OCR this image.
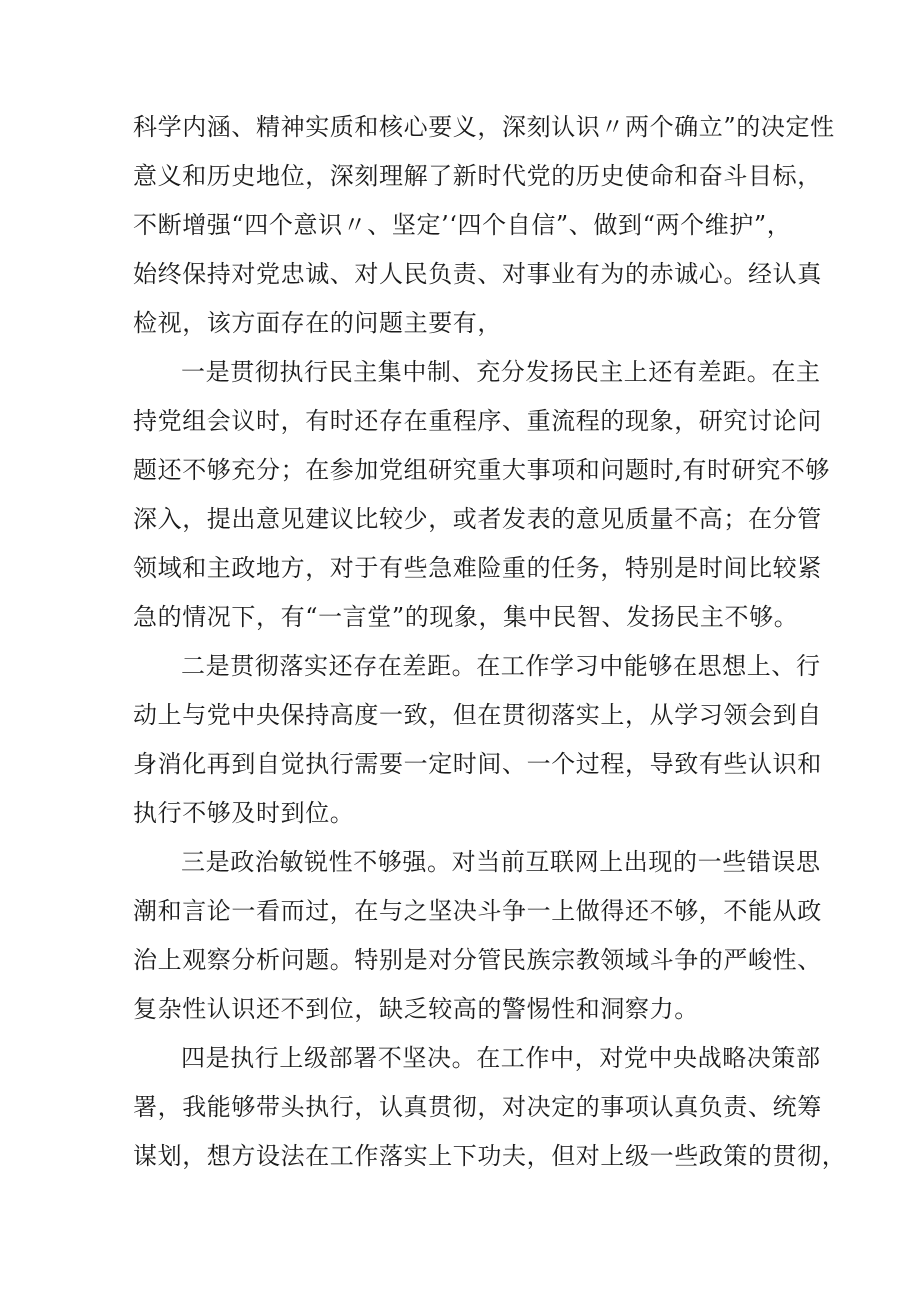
科学内涵、精神实质和核心要义，深刻认识〃两个确立”的决定性
意义和历史地位，深刻理解了新时代党的历史使命和奋斗目标，
不断增强“四个意识〃、坚定’‘四个自信”、做到“两个维护”，
始终保持对党忠诚、对人民负责、对事业有为的赤诚心。经认真
检视，该方面存在的问题主要有，
一是贯彻执行民主集中制、充分发扬民主上还有差距。在主
持党组会议时，有时还存在重程序、重流程的现象，研究讨论问
题还不够充分；在参加党组研究重大事项和问题时,有时研究不够
深入，提出意见建议比较少，或者发表的意见质量不高；在分管
领域和主政地方，对于有些急难险重的任务，特别是时间比较紧
急的情况下，有“一言堂”的现象，集中民智、发扬民主不够。
二是贯彻落实还存在差距。在工作学习中能够在思想上、行
动上与党中央保持高度一致，但在贯彻落实上，从学习领会到自
身消化再到自觉执行需要一定时间、一个过程，导致有些认识和
执行不够及时到位。
三是政治敏锐性不够强。对当前互联网上出现的一些错误思
潮和言论一看而过，在与之坚决斗争一上做得还不够，不能从政
治上观察分析问题。特别是对分管民族宗教领域斗争的严峻性、
复杂性认识还不到位，缺乏较高的警惕性和洞察力。
四是执行上级部署不坚决。在工作中，对党中央战略决策部
署，我能够带头执行，认真贯彻，对决定的事项认真负责、统筹
谋划，想方设法在工作落实上下功夫，但对上级一些政策的贯彻，
